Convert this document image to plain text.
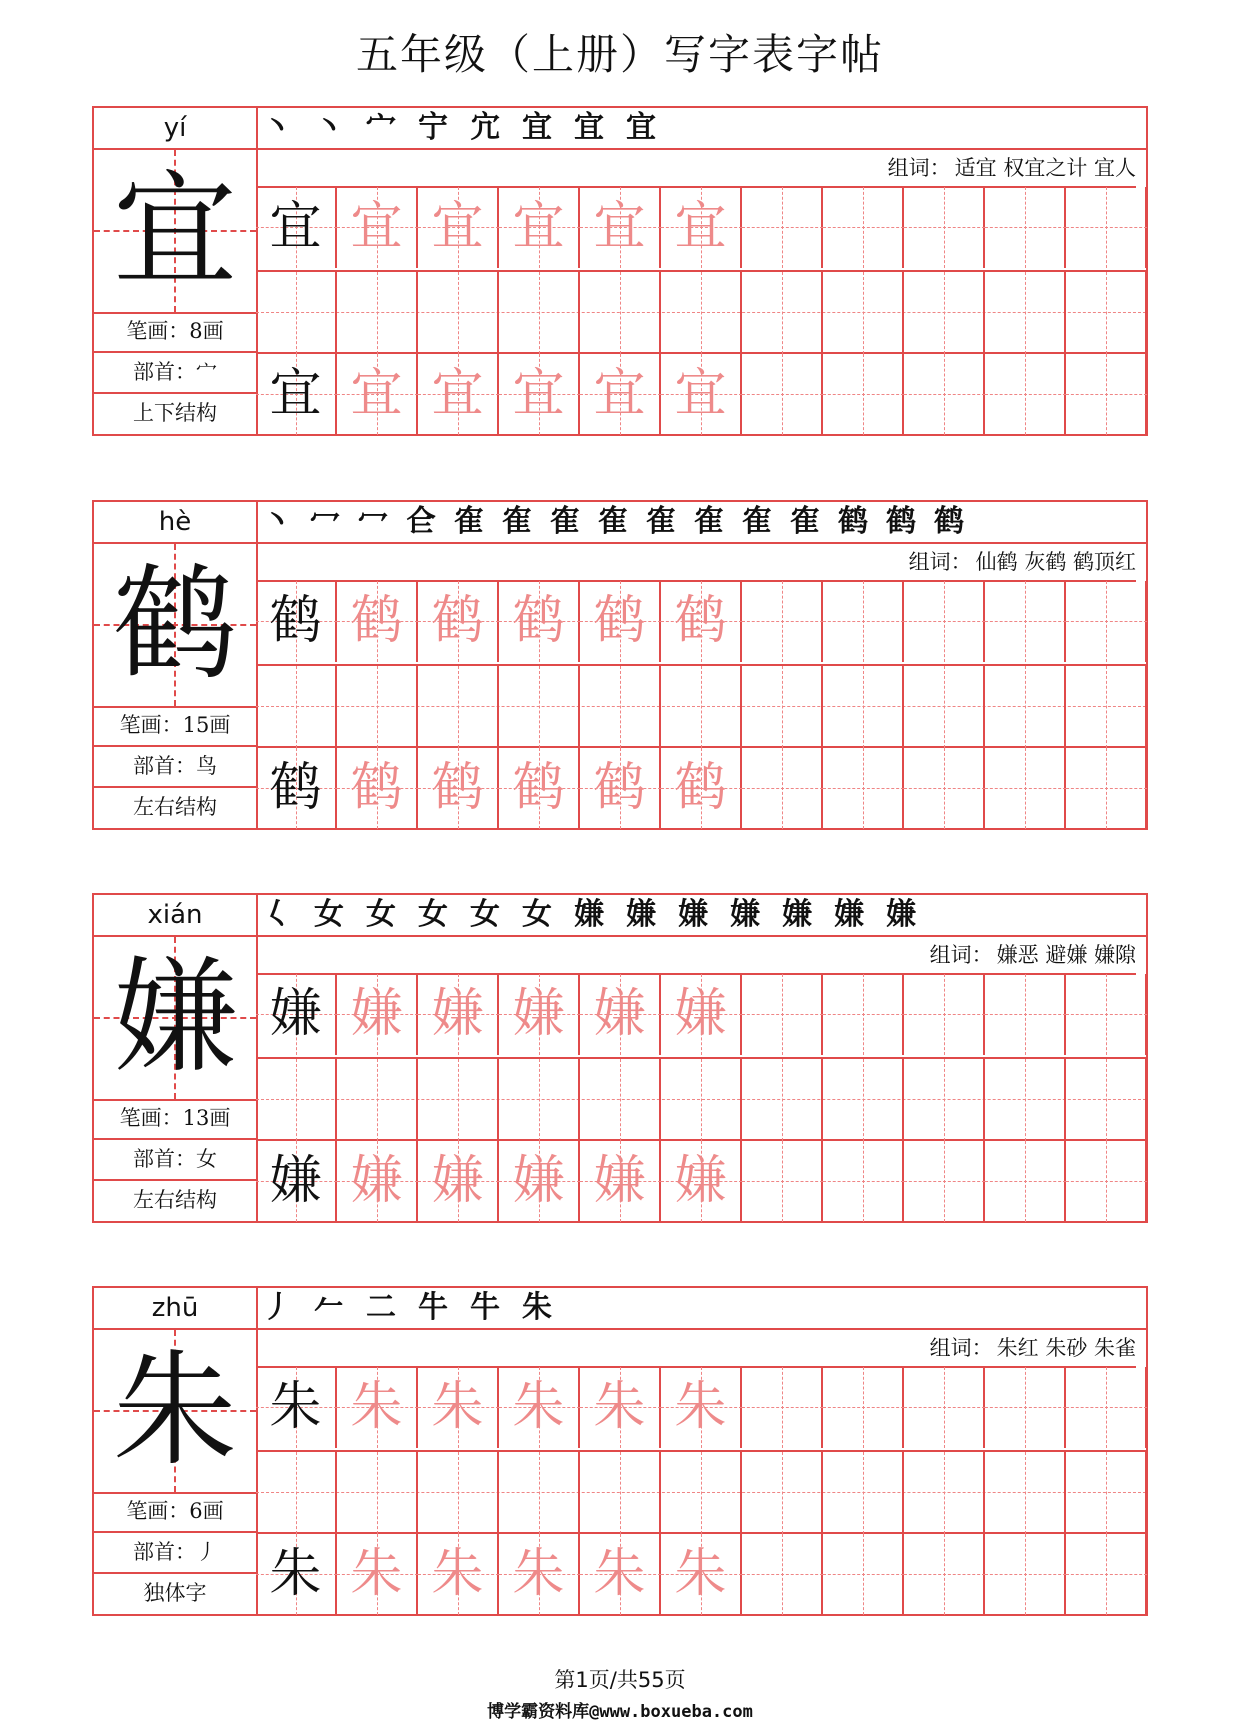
五年级（上册）写字表字帖
yí
宜
笔画：8画
部首：宀
上下结构
丶 丶 宀 宁 宂 宜 宜 宜
组词： 适宜 权宜之计 宜人
宜 宜 宜 宜 宜 宜
宜 宜 宜 宜 宜 宜
hè
鹤
笔画：15画
部首：鸟
左右结构
丶 冖 冖 仺 隺 隺 隺 隺 隺 隺 隺 隺 鹤 鹤 鹤
组词： 仙鹤 灰鹤 鹤顶红
鹤 鹤 鹤 鹤 鹤 鹤
鹤 鹤 鹤 鹤 鹤 鹤
xián
嫌
笔画：13画
部首：女
左右结构
𡿨 女 女 女 女 女 嫌 嫌 嫌 嫌 嫌 嫌 嫌
组词： 嫌恶 避嫌 嫌隙
嫌 嫌 嫌 嫌 嫌 嫌
嫌 嫌 嫌 嫌 嫌 嫌
zhū
朱
笔画：6画
部首：丿
独体字
丿 𠂉 二 牛 牛 朱
组词： 朱红 朱砂 朱雀
朱 朱 朱 朱 朱 朱
朱 朱 朱 朱 朱 朱
第1页/共55页
博学霸资料库@www.boxueba.com
